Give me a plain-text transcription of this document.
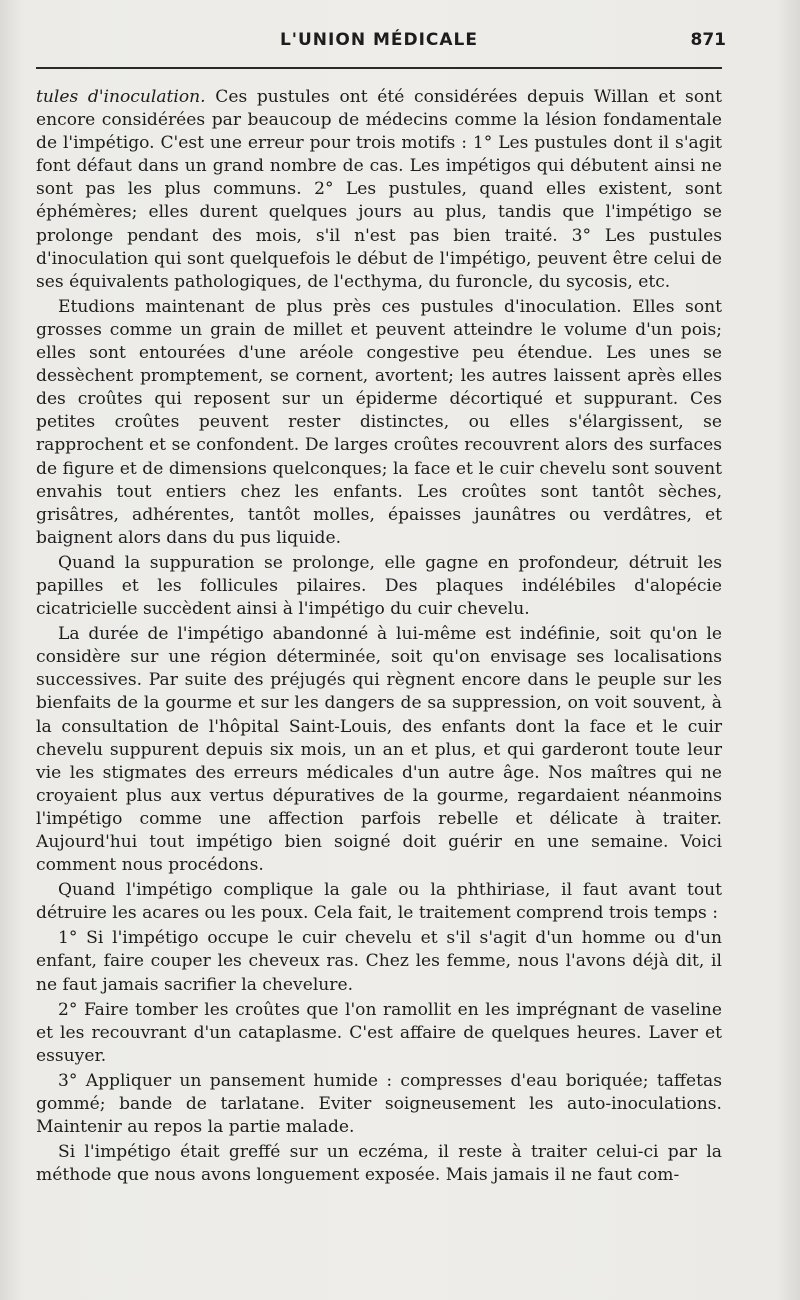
L'UNION MÉDICALE	871

tules d'inoculation. Ces pustules ont été considérées depuis Willan et sont encore considérées par beaucoup de médecins comme la lésion fondamentale de l'impétigo. C'est une erreur pour trois motifs : 1° Les pustules dont il s'agit font défaut dans un grand nombre de cas. Les impétigos qui débutent ainsi ne sont pas les plus communs. 2° Les pustules, quand elles existent, sont éphémères; elles durent quelques jours au plus, tandis que l'impétigo se prolonge pendant des mois, s'il n'est pas bien traité. 3° Les pustules d'inoculation qui sont quelquefois le début de l'impétigo, peuvent être celui de ses équivalents pathologiques, de l'ecthyma, du furoncle, du sycosis, etc.

Etudions maintenant de plus près ces pustules d'inoculation. Elles sont grosses comme un grain de millet et peuvent atteindre le volume d'un pois; elles sont entourées d'une aréole congestive peu étendue. Les unes se dessèchent promptement, se cornent, avortent; les autres laissent après elles des croûtes qui reposent sur un épiderme décortiqué et suppurant. Ces petites croûtes peuvent rester distinctes, ou elles s'élargissent, se rapprochent et se confondent. De larges croûtes recouvrent alors des surfaces de figure et de dimensions quelconques; la face et le cuir chevelu sont souvent envahis tout entiers chez les enfants. Les croûtes sont tantôt sèches, grisâtres, adhérentes, tantôt molles, épaisses jaunâtres ou verdâtres, et baignent alors dans du pus liquide.

Quand la suppuration se prolonge, elle gagne en profondeur, détruit les papilles et les follicules pilaires. Des plaques indélébiles d'alopécie cicatricielle succèdent ainsi à l'impétigo du cuir chevelu.

La durée de l'impétigo abandonné à lui-même est indéfinie, soit qu'on le considère sur une région déterminée, soit qu'on envisage ses localisations successives. Par suite des préjugés qui règnent encore dans le peuple sur les bienfaits de la gourme et sur les dangers de sa suppression, on voit souvent, à la consultation de l'hôpital Saint-Louis, des enfants dont la face et le cuir chevelu suppurent depuis six mois, un an et plus, et qui garderont toute leur vie les stigmates des erreurs médicales d'un autre âge. Nos maîtres qui ne croyaient plus aux vertus dépuratives de la gourme, regardaient néanmoins l'impétigo comme une affection parfois rebelle et délicate à traiter. Aujourd'hui tout impétigo bien soigné doit guérir en une semaine. Voici comment nous procédons.

Quand l'impétigo complique la gale ou la phthiriase, il faut avant tout détruire les acares ou les poux. Cela fait, le traitement comprend trois temps :

1° Si l'impétigo occupe le cuir chevelu et s'il s'agit d'un homme ou d'un enfant, faire couper les cheveux ras. Chez les femme, nous l'avons déjà dit, il ne faut jamais sacrifier la chevelure.

2° Faire tomber les croûtes que l'on ramollit en les imprégnant de vaseline et les recouvrant d'un cataplasme. C'est affaire de quelques heures. Laver et essuyer.

3° Appliquer un pansement humide : compresses d'eau boriquée; taffetas gommé; bande de tarlatane. Eviter soigneusement les auto-inoculations. Maintenir au repos la partie malade.

Si l'impétigo était greffé sur un eczéma, il reste à traiter celui-ci par la méthode que nous avons longuement exposée. Mais jamais il ne faut com-
